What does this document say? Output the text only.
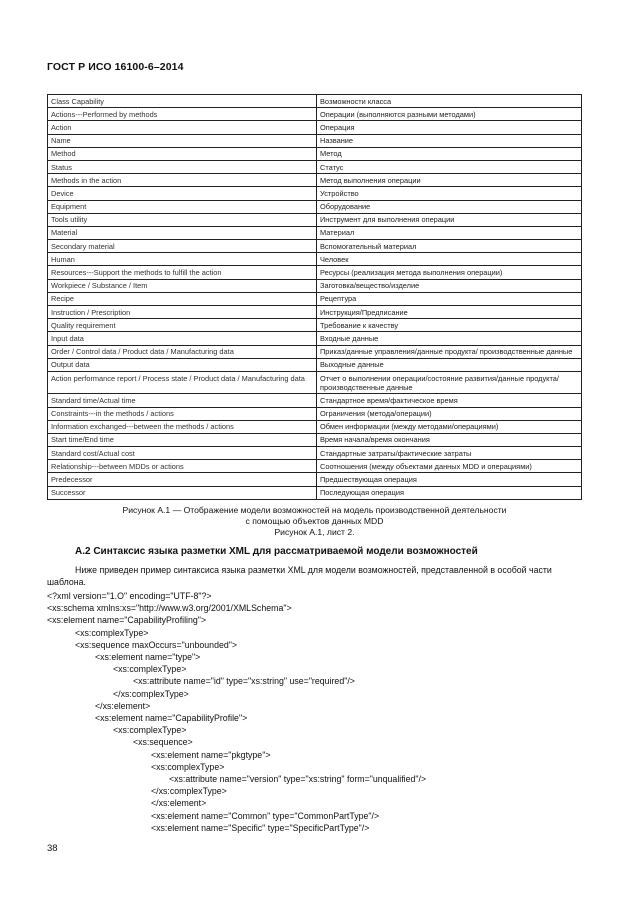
ГОСТ Р ИСО 16100-6–2014
Class Capability	Возможности класса
Actions---Performed by methods	Операции (выполняются разными методами)
Action	Операция
Name	Название
Method	Метод
Status	Статус
Methods in the action	Метод выполнения операции
Device	Устройство
Equipment	Оборудование
Tools utility	Инструмент для выполнения операции
Material	Материал
Secondary material	Вспомогательный материал
Human	Человек
Resources---Support the methods to fulfill the action	Ресурсы (реализация метода выполнения операции)
Workpiece / Substance / Item	Заготовка/вещество/изделие
Recipe	Рецептура
Instruction / Prescription	Инструкция/Предписание
Quality requirement	Требование к качеству
Input data	Входные данные
Order / Control data / Product data / Manufacturing data	Приказ/данные управления/данные продукта/ производственные данные
Output data	Выходные данные
Action performance report / Process state / Product data / Manufacturing data	Отчет о выполнении операции/состояние развития/данные продукта/производственные данные
Standard time/Actual time	Стандартное время/фактическое время
Constraints---in the methods / actions	Ограничения (метода/операции)
Information exchanged---between the methods / actions	Обмен информации (между методами/операциями)
Start time/End time	Время начала/время окончания
Standard cost/Actual cost	Стандартные затраты/фактические затраты
Relationship---between MDDs or actions	Соотношения (между объектами данных MDD и операциями)
Predecessor	Предшествующая операция
Successor	Последующая операция
Рисунок А.1 — Отображение модели возможностей на модель производственной деятельности
с помощью объектов данных MDD
Рисунок А.1, лист 2.
А.2 Синтаксис языка разметки XML для рассматриваемой модели возможностей
Ниже приведен пример синтаксиса языка разметки XML для модели возможностей, представленной в особой части шаблона.
<?xml version="1.O" encoding="UTF-8"?>
<xs:schema xmlns:xs="http://www.w3.org/2001/XMLSchema">
<xs:element name="CapabilityProfiling">
<xs:complexType>
<xs:sequence maxOccurs="unbounded">
<xs:element name="type">
<xs:complexType>
<xs:attribute name="id" type="xs:string" use="required"/>
</xs:complexType>
</xs:element>
<xs:element name="CapabilityProfile">
<xs:complexType>
<xs:sequence>
<xs:element name="pkgtype">
<xs:complexType>
<xs:attribute name="version" type="xs:string" form="unqualified"/>
</xs:complexType>
</xs:element>
<xs:element name="Common" type="CommonPartType"/>
<xs:element name="Specific" type="SpecificPartType"/>
38
